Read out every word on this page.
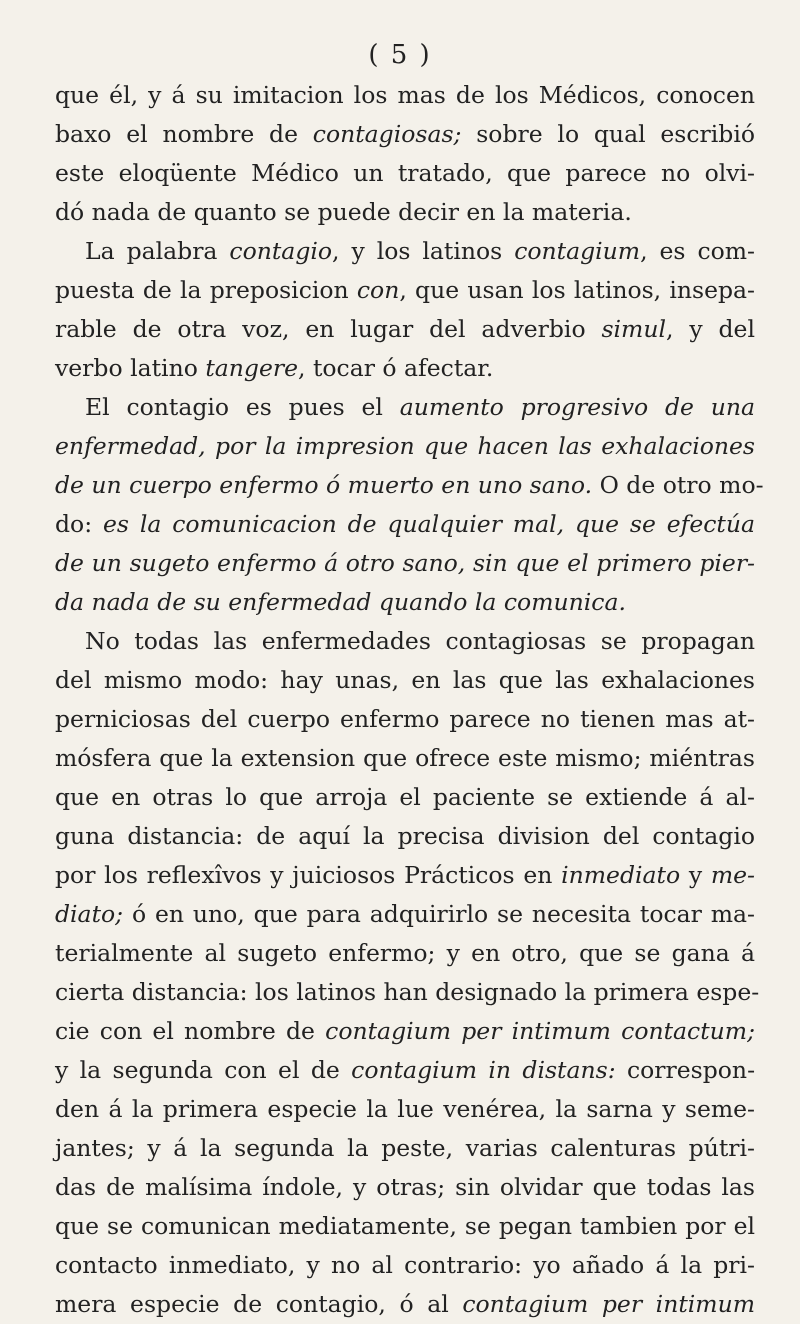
( 5 )
que él, y á su imitacion los mas de los Médicos, conocen
baxo el nombre de contagiosas; sobre lo qual escribió
este eloqüente Médico un tratado, que parece no olvi-
dó nada de quanto se puede decir en la materia.
La palabra contagio, y los latinos contagium, es com-
puesta de la preposicion con, que usan los latinos, insepa-
rable de otra voz, en lugar del adverbio simul, y del
verbo latino tangere, tocar ó afectar.
El contagio es pues el aumento progresivo de una
enfermedad, por la impresion que hacen las exhalaciones
de un cuerpo enfermo ó muerto en uno sano. O de otro mo-
do: es la comunicacion de qualquier mal, que se efectúa
de un sugeto enfermo á otro sano, sin que el primero pier-
da nada de su enfermedad quando la comunica.
No todas las enfermedades contagiosas se propagan
del mismo modo: hay unas, en las que las exhalaciones
perniciosas del cuerpo enfermo parece no tienen mas at-
mósfera que la extension que ofrece este mismo; miéntras
que en otras lo que arroja el paciente se extiende á al-
guna distancia: de aquí la precisa division del contagio
por los reflexîvos y juiciosos Prácticos en inmediato y me-
diato; ó en uno, que para adquirirlo se necesita tocar ma-
terialmente al sugeto enfermo; y en otro, que se gana á
cierta distancia: los latinos han designado la primera espe-
cie con el nombre de contagium per intimum contactum;
y la segunda con el de contagium in distans: correspon-
den á la primera especie la lue venérea, la sarna y seme-
jantes; y á la segunda la peste, varias calenturas pútri-
das de malísima índole, y otras; sin olvidar que todas las
que se comunican mediatamente, se pegan tambien por el
contacto inmediato, y no al contrario: yo añado á la pri-
mera especie de contagio, ó al contagium per intimum
